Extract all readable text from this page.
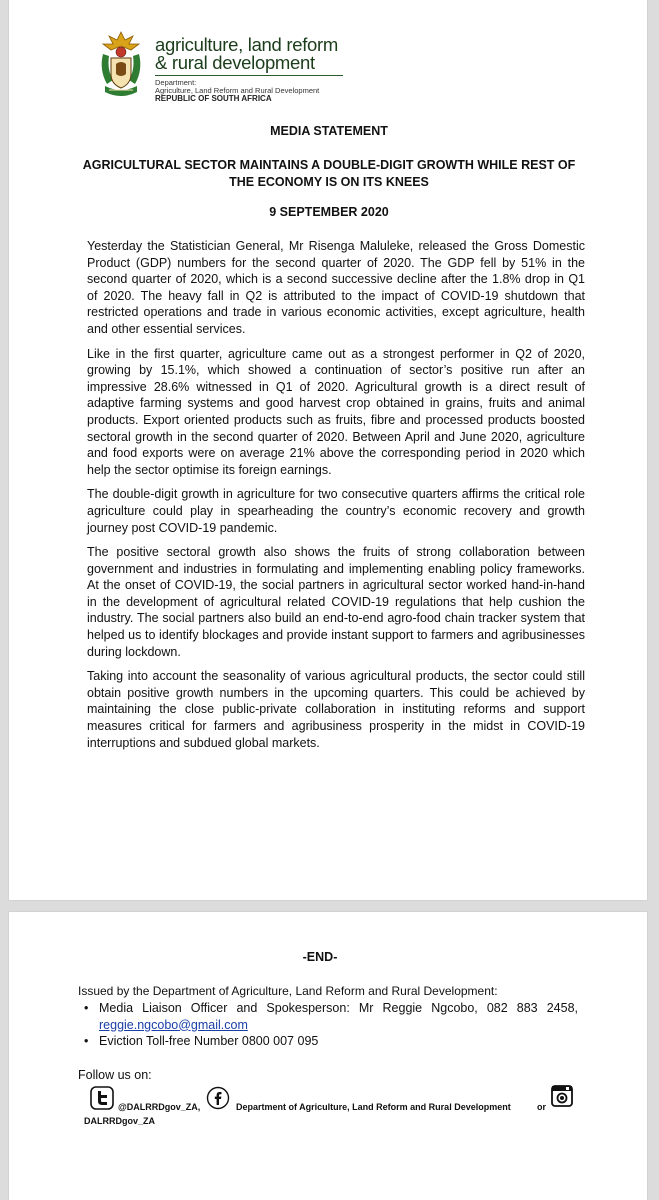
agriculture, land reform
& rural development
Department:
Agriculture, Land Reform and Rural Development
REPUBLIC OF SOUTH AFRICA
MEDIA STATEMENT
AGRICULTURAL SECTOR MAINTAINS A DOUBLE-DIGIT GROWTH WHILE REST OF
THE ECONOMY IS ON ITS KNEES
9 SEPTEMBER 2020

Yesterday the Statistician General, Mr Risenga Maluleke, released the Gross Domestic Product (GDP) numbers for the second quarter of 2020. The GDP fell by 51% in the second quarter of 2020, which is a second successive decline after the 1.8% drop in Q1 of 2020. The heavy fall in Q2 is attributed to the impact of COVID-19 shutdown that restricted operations and trade in various economic activities, except agriculture, health and other essential services.

Like in the first quarter, agriculture came out as a strongest performer in Q2 of 2020, growing by 15.1%, which showed a continuation of sector’s positive run after an impressive 28.6% witnessed in Q1 of 2020. Agricultural growth is a direct result of adaptive farming systems and good harvest crop obtained in grains, fruits and animal products. Export oriented products such as fruits, fibre and processed products boosted sectoral growth in the second quarter of 2020. Between April and June 2020, agriculture and food exports were on average 21% above the corresponding period in 2020 which help the sector optimise its foreign earnings.

The double-digit growth in agriculture for two consecutive quarters affirms the critical role agriculture could play in spearheading the country’s economic recovery and growth journey post COVID-19 pandemic.

The positive sectoral growth also shows the fruits of strong collaboration between government and industries in formulating and implementing enabling policy frameworks. At the onset of COVID-19, the social partners in agricultural sector worked hand-in-hand in the development of agricultural related COVID-19 regulations that help cushion the industry. The social partners also build an end-to-end agro-food chain tracker system that helped us to identify blockages and provide instant support to farmers and agribusinesses during lockdown.

Taking into account the seasonality of various agricultural products, the sector could still obtain positive growth numbers in the upcoming quarters. This could be achieved by maintaining the close public-private collaboration in instituting reforms and support measures critical for farmers and agribusiness prosperity in the midst in COVID-19 interruptions and subdued global markets.

-END-
Issued by the Department of Agriculture, Land Reform and Rural Development:
• Media Liaison Officer and Spokesperson: Mr Reggie Ngcobo, 082 883 2458, reggie.ngcobo@gmail.com
• Eviction Toll-free Number 0800 007 095
Follow us on:
@DALRRDgov_ZA,	Department of Agriculture, Land Reform and Rural Development	or
DALRRDgov_ZA
